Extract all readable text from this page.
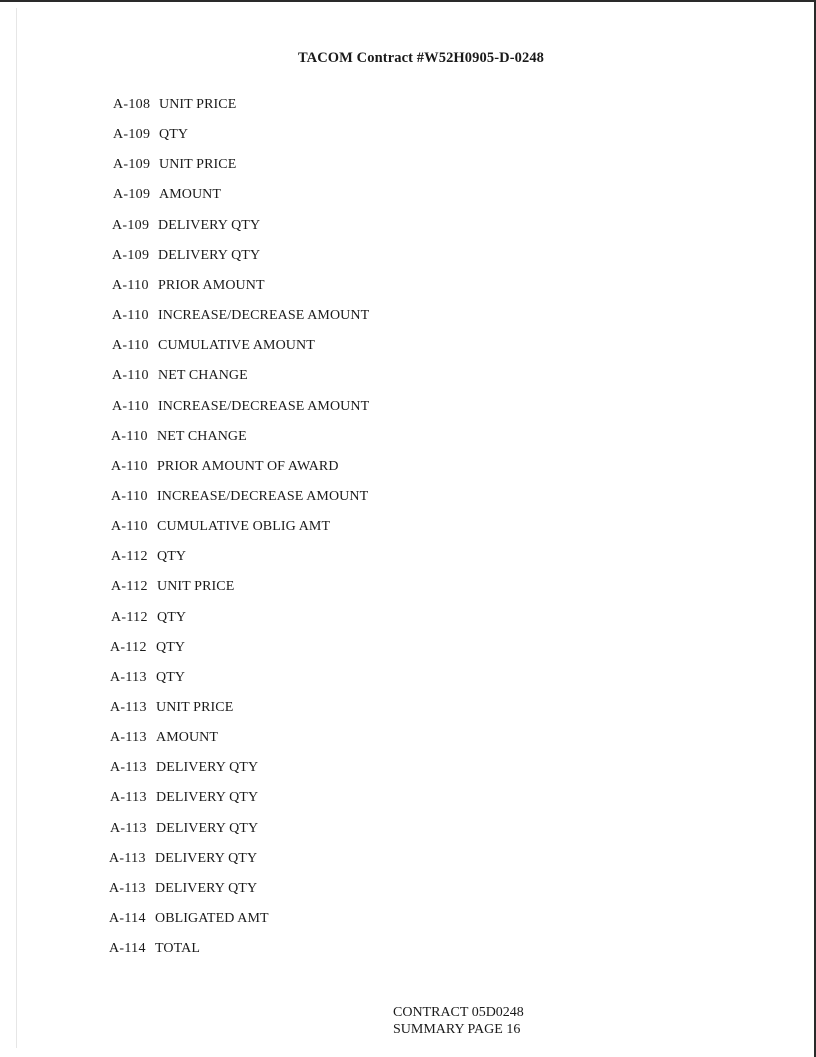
TACOM Contract #W52H0905-D-0248
A-108 UNIT PRICE
A-109 QTY
A-109 UNIT PRICE
A-109 AMOUNT
A-109 DELIVERY QTY
A-109 DELIVERY QTY
A-110 PRIOR AMOUNT
A-110 INCREASE/DECREASE AMOUNT
A-110 CUMULATIVE AMOUNT
A-110 NET CHANGE
A-110 INCREASE/DECREASE AMOUNT
A-110 NET CHANGE
A-110 PRIOR AMOUNT OF AWARD
A-110 INCREASE/DECREASE AMOUNT
A-110 CUMULATIVE OBLIG AMT
A-112 QTY
A-112 UNIT PRICE
A-112 QTY
A-112 QTY
A-113 QTY
A-113 UNIT PRICE
A-113 AMOUNT
A-113 DELIVERY QTY
A-113 DELIVERY QTY
A-113 DELIVERY QTY
A-113 DELIVERY QTY
A-113 DELIVERY QTY
A-114 OBLIGATED AMT
A-114 TOTAL
CONTRACT 05D0248
SUMMARY PAGE 16
